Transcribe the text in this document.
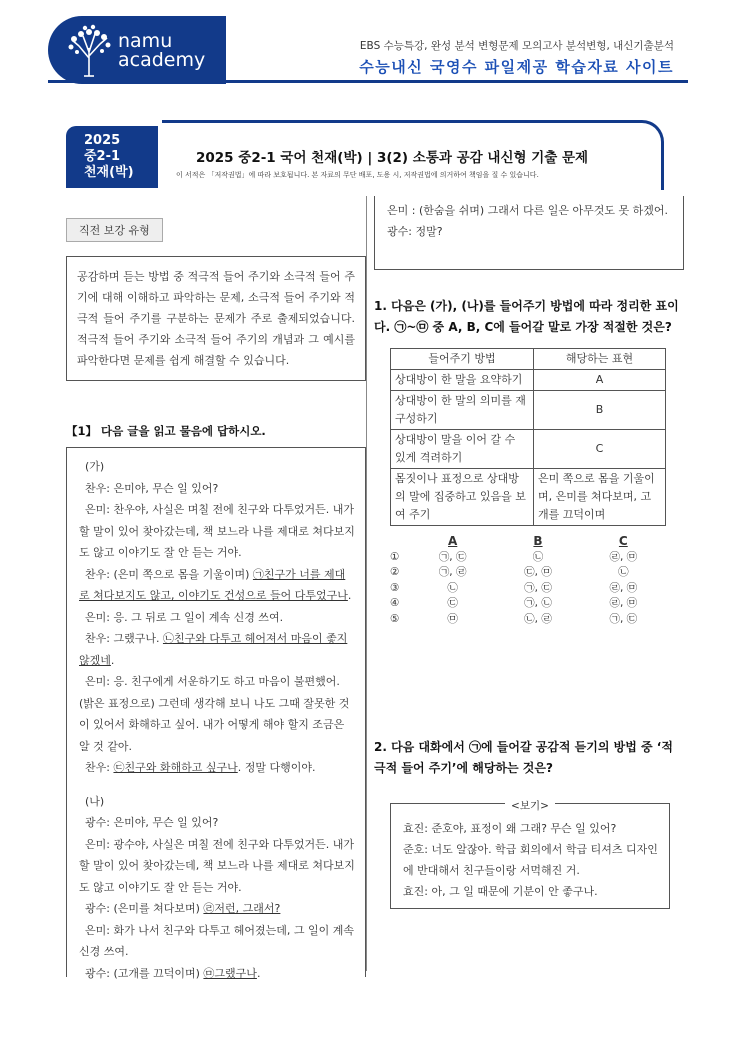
namu
academy
EBS 수능특강, 완성 분석 변형문제 모의고사 분석변형, 내신기출분석
수능내신 국영수 파일제공 학습자료 사이트
2025
중2-1
천재(박)
2025 중2-1 국어 천재(박) | 3(2) 소통과 공감 내신형 기출 문제
이 서적은 「저작권법」에 따라 보호됩니다. 본 자료의 무단 배포, 도용 시, 저작권법에 의거하여 책임을 질 수 있습니다.
직전 보강 유형
공감하며 듣는 방법 중 적극적 들어 주기와 소극적 들어 주기에 대해 이해하고 파악하는 문제, 소극적 들어 주기와 적극적 들어 주기를 구분하는 문제가 주로 출제되었습니다. 적극적 들어 주기와 소극적 들어 주기의 개념과 그 예시를 파악한다면 문제를 쉽게 해결할 수 있습니다.
【1】 다음 글을 읽고 물음에 답하시오.

(가)

찬우: 은미야, 무슨 일 있어?

은미: 찬우야, 사실은 며칠 전에 친구와 다투었거든. 내가 할 말이 있어 찾아갔는데, 책 보느라 나를 제대로 쳐다보지도 않고 이야기도 잘 안 듣는 거야.

찬우: (은미 쪽으로 몸을 기울이며) ㉠친구가 너를 제대로 쳐다보지도 않고, 이야기도 건성으로 들어 다투었구나.

은미: 응. 그 뒤로 그 일이 계속 신경 쓰여.

찬우: 그랬구나. ㉡친구와 다투고 헤어져서 마음이 좋지 않겠네.

은미: 응. 친구에게 서운하기도 하고 마음이 불편했어. (밝은 표정으로) 그런데 생각해 보니 나도 그때 잘못한 것이 있어서 화해하고 싶어. 내가 어떻게 해야 할지 조금은 알 것 같아.

찬우: ㉢친구와 화해하고 싶구나. 정말 다행이야.

(나)

광수: 은미야, 무슨 일 있어?

은미: 광수야, 사실은 며칠 전에 친구와 다투었거든. 내가 할 말이 있어 찾아갔는데, 책 보느라 나를 제대로 쳐다보지도 않고 이야기도 잘 안 듣는 거야.

광수: (은미를 쳐다보며) ㉣저런, 그래서?

은미: 화가 나서 친구와 다투고 헤어졌는데, 그 일이 계속 신경 쓰여.

광수: (고개를 끄덕이며) ㉤그랬구나.

은미 : (한숨을 쉬며) 그래서 다른 일은 아무것도 못 하겠어.

광수: 정말?

1. 다음은 (가), (나)를 들어주기 방법에 따라 정리한 표이다. ㉠~㉤ 중 A, B, C에 들어갈 말로 가장 적절한 것은?
들어주기 방법	해당하는 표현
상대방이 한 말을 요약하기	A
상대방이 한 말의 의미를 재구성하기	B
상대방이 말을 이어 갈 수 있게 격려하기	C
몸짓이나 표정으로 상대방의 말에 집중하고 있음을 보여 주기	은미 쪽으로 몸을 기울이며, 은미를 쳐다보며, 고개를 끄덕이며
	A	B	C
①	㉠, ㉢	㉡	㉣, ㉤
②	㉠, ㉣	㉢, ㉤	㉡
③	㉡	㉠, ㉢	㉣, ㉤
④	㉢	㉠, ㉡	㉣, ㉤
⑤	㉤	㉡, ㉣	㉠, ㉢
2. 다음 대화에서 ㉠에 들어갈 공감적 듣기의 방법 중 ‘적극적 들어 주기’에 해당하는 것은?
<보기>

효진: 준호야, 표정이 왜 그래? 무슨 일 있어?

준호: 너도 알잖아. 학급 회의에서 학급 티셔츠 디자인에 반대해서 친구들이랑 서먹해진 거.

효진: 아, 그 일 때문에 기분이 안 좋구나.
